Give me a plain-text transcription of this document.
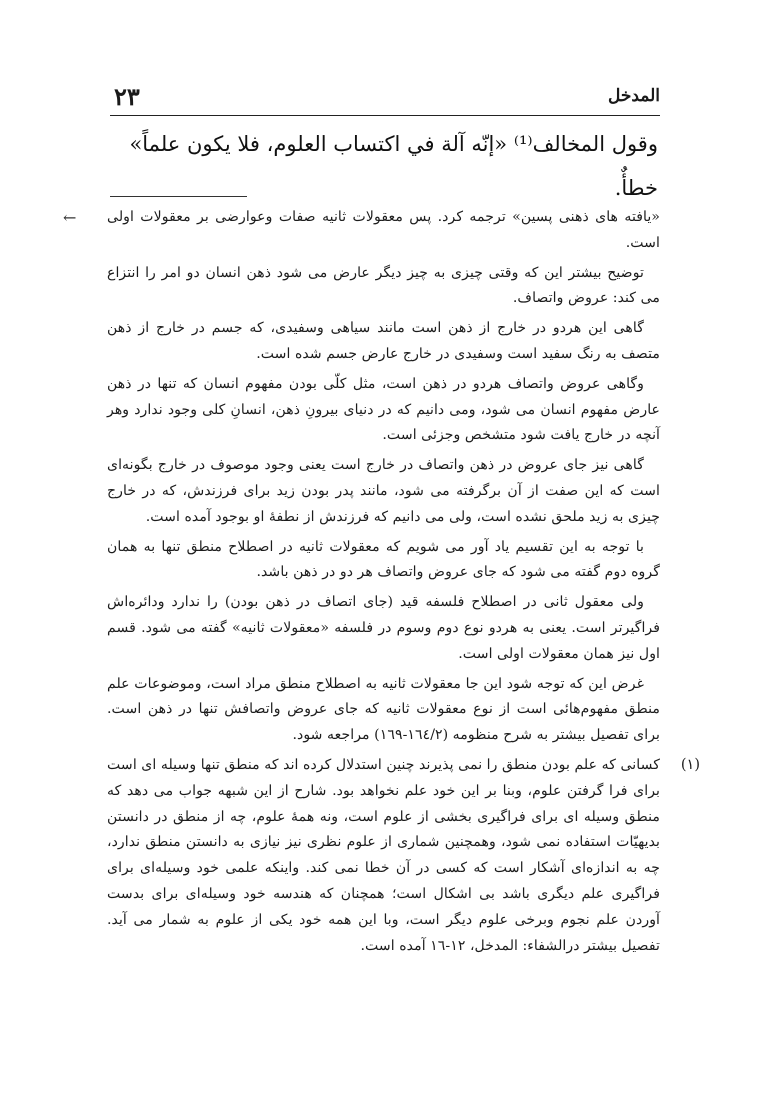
المدخل
٢٣
وقول المخالف⁽¹⁾ «إنّه آلة في اكتساب العلوم، فلا يكون علماً» خطأٌ.
← «يافته هاى ذهنى پسين» ترجمه كرد. پس معقولات ثانيه صفات وعوارضى بر معقولات اولى است.

توضيح بيشتر اين كه وقتى چيزى به چيز ديگر عارض مى شود ذهن انسان دو امر را انتزاع مى كند: عروض واتصاف.

گاهى اين هردو در خارج از ذهن است مانند سياهى وسفيدى، كه جسم در خارج از ذهن متصف به رنگ سفيد است وسفيدى در خارج عارض جسم شده است.

وگاهى عروض واتصاف هردو در ذهن است، مثل كلّى بودن مفهوم انسان كه تنها در ذهن عارض مفهوم انسان مى شود، ومى دانيم كه در دنياى بيرونِ ذهن، انسانِ كلى وجود ندارد وهر آنچه در خارج يافت شود متشخص وجزئى است.

گاهى نيز جاى عروض در ذهن واتصاف در خارج است يعنى وجود موصوف در خارج بگونه‌اى است كه اين صفت از آن برگرفته مى شود، مانند پدر بودن زيد براى فرزندش، كه در خارج چيزى به زيد ملحق نشده است، ولى مى دانيم كه فرزندش از نطفهٔ او بوجود آمده است.

با توجه به اين تقسيم ياد آور مى شويم كه معقولات ثانيه در اصطلاح منطق تنها به همان گروه دوم گفته مى شود كه جاى عروض واتصاف هر دو در ذهن باشد.

ولى معقول ثانى در اصطلاح فلسفه قيد (جاى اتصاف در ذهن بودن) را ندارد ودائره‌اش فراگيرتر است. يعنى به هردو نوع دوم وسوم در فلسفه «معقولات ثانيه» گفته مى شود. قسم اول نيز همان معقولات اولى است.

غرض اين كه توجه شود اين جا معقولات ثانيه به اصطلاح منطق مراد است، وموضوعات علم منطق مفهوم‌هائى است از نوع معقولات ثانيه كه جاى عروض واتصافش تنها در ذهن است. براى تفصيل بيشتر به شرح منظومه (١٦٤/٢-١٦٩) مراجعه شود.

(١)

كسانى كه علم بودن منطق را نمى پذيرند چنين استدلال كرده اند كه منطق تنها وسيله اى است براى فرا گرفتن علوم، وبنا بر اين خود علم نخواهد بود. شارح از اين شبهه جواب مى دهد كه منطق وسيله اى براى فراگيرى بخشى از علوم است، ونه همهٔ علوم، چه از منطق در دانستن بديهيّات استفاده نمى شود، وهمچنين شمارى از علوم نظرى نيز نيازى به دانستن منطق ندارد، چه به اندازه‌اى آشكار است كه كسى در آن خطا نمى كند. واينكه علمى خود وسيله‌اى براى فراگيرى علم ديگرى باشد بى اشكال است؛ همچنان كه هندسه خود وسيله‌اى براى بدست آوردن علم نجوم وبرخى علوم ديگر است، وبا اين همه خود يكى از علوم به شمار مى آيد. تفصيل بيشتر درالشفاء: المدخل، ١٢-١٦ آمده است.
